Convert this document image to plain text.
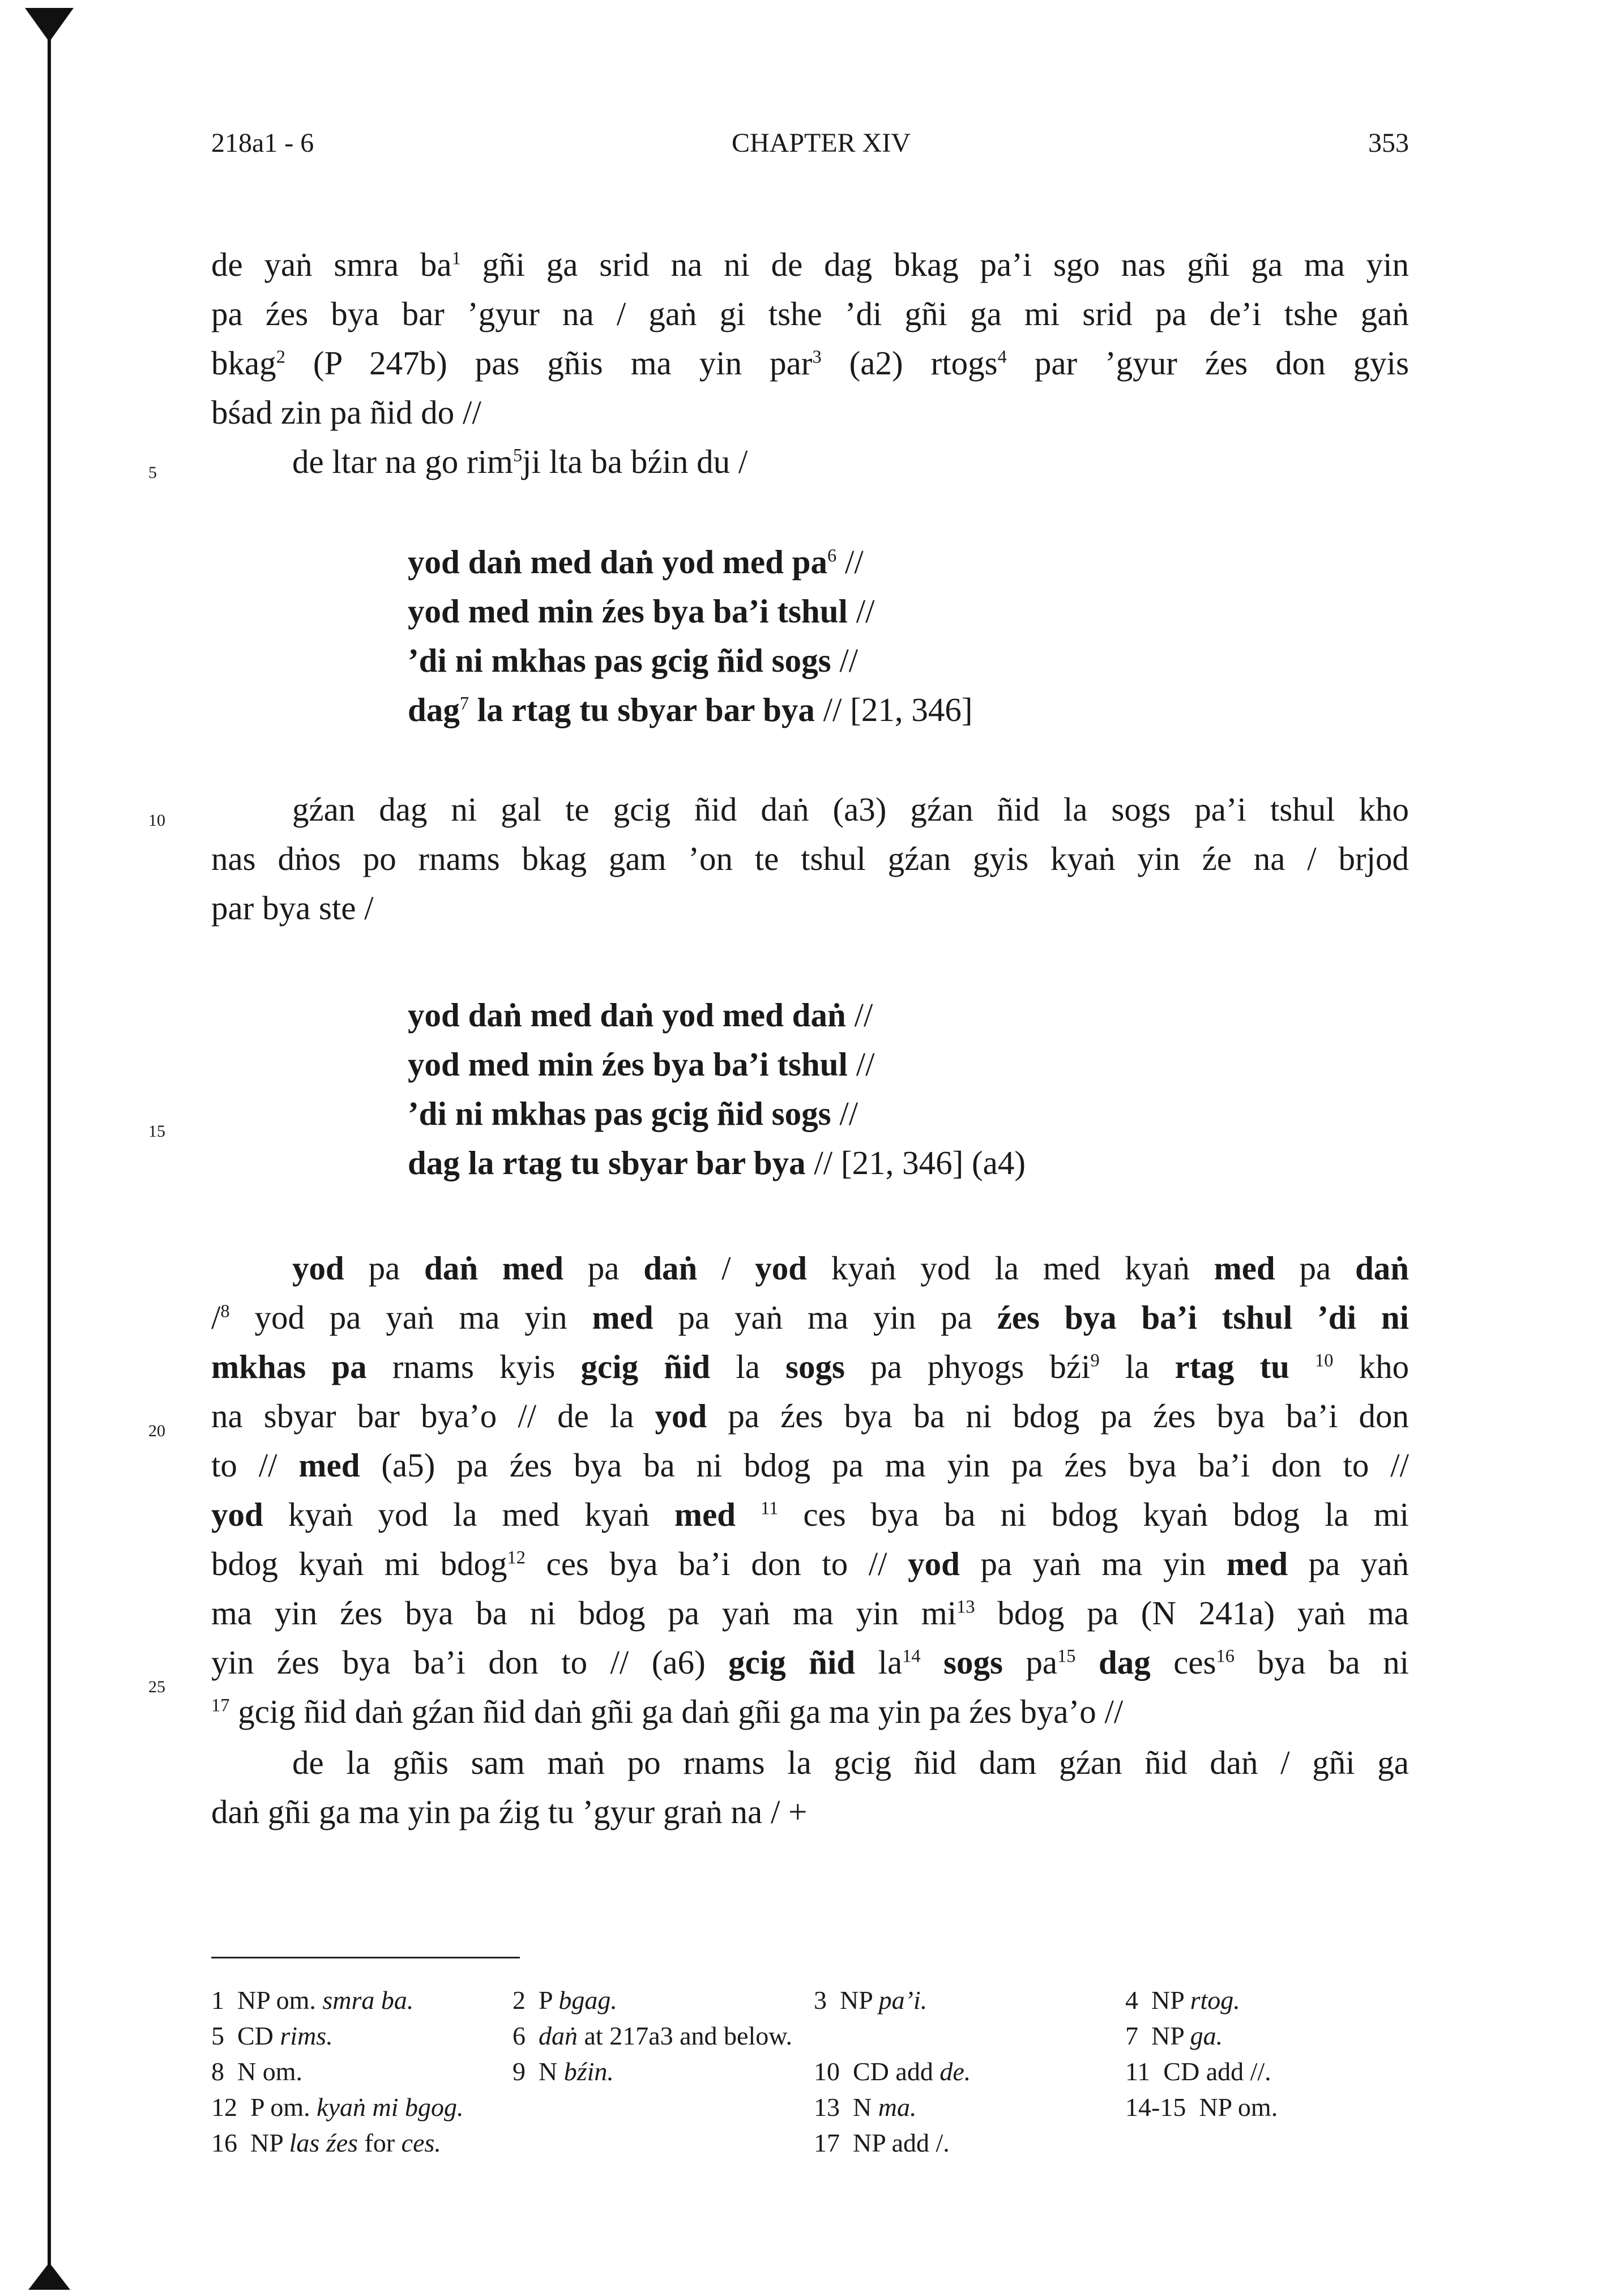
218a1 - 6	CHAPTER XIV	353
5
10
15
20
25
de yaṅ smra $ba^1$ gñi ga srid na ni de dag bkag pa’i sgo nas gñi ga ma yin
pa źes bya bar ’gyur na / gaṅ gi tshe ’di gñi ga mi srid pa de’i tshe gaṅ
bkag$^2$ (P 247b) pas gñis ma yin par$^3$ (a2) rtogs$^4$ par ’gyur źes don gyis
bśad zin pa ñid do //
de ltar na go rim$^5$ji lta ba bźin du /
gźan dag ni gal te gcig ñid daṅ (a3) gźan ñid la sogs pa’i tshul kho
nas dṅos po rnams bkag gam ’on te tshul gźan gyis kyaṅ yin źe na / brjod
par bya ste /
yod pa daṅ med pa daṅ / yod kyaṅ yod la med kyaṅ med pa daṅ
/$^8$ yod pa yaṅ ma yin med pa yaṅ ma yin pa źes bya ba’i tshul ’di ni
mkhas pa rnams kyis gcig ñid la sogs pa phyogs bźi$^9$ la rtag tu $^{10}$ kho
na sbyar bar bya’o // de la yod pa źes bya ba ni bdog pa źes bya ba’i don
to // med (a5) pa źes bya ba ni bdog pa ma yin pa źes bya ba’i don to //
yod kyaṅ yod la med kyaṅ med $^{11}$ ces bya ba ni bdog kyaṅ bdog la mi
bdog kyaṅ mi bdog$^{12}$ ces bya ba’i don to // yod pa yaṅ ma yin med pa yaṅ
ma yin źes bya ba ni bdog pa yaṅ ma yin $mi^{13}$ bdog pa (N 241a) yaṅ ma
yin źes bya ba’i don to // (a6) gcig ñid $la^{14}$ sogs $pa^{15}$ dag ces$^{16}$ bya ba ni
$^{17}$ gcig ñid daṅ gźan ñid daṅ gñi ga daṅ gñi ga ma yin pa źes bya’o //
de la gñis sam maṅ po rnams la gcig ñid dam gźan ñid daṅ / gñi ga
daṅ gñi ga ma yin pa źig tu ’gyur graṅ na / +
yod daṅ med daṅ yod med $pa^6$ //
yod med min źes bya ba’i tshul //
’di ni mkhas pas gcig ñid sogs //
dag$^7$ la rtag tu sbyar bar bya // [21, 346]
yod daṅ med daṅ yod med daṅ //
yod med min źes bya ba’i tshul //
’di ni mkhas pas gcig ñid sogs //
dag la rtag tu sbyar bar bya // [21, 346] (a4)
1 NP om. smra ba.	2 P bgag.	3 NP pa’i.	4 NP rtog.
5 CD rims.	6 daṅ at 217a3 and below.	7 NP ga.
8 N om.	9 N bźin.	10 CD add de.	11 CD add //.
12 P om. kyaṅ mi bgog.	13 N ma.	14-15 NP om.
16 NP las źes for ces.	17 NP add /.
